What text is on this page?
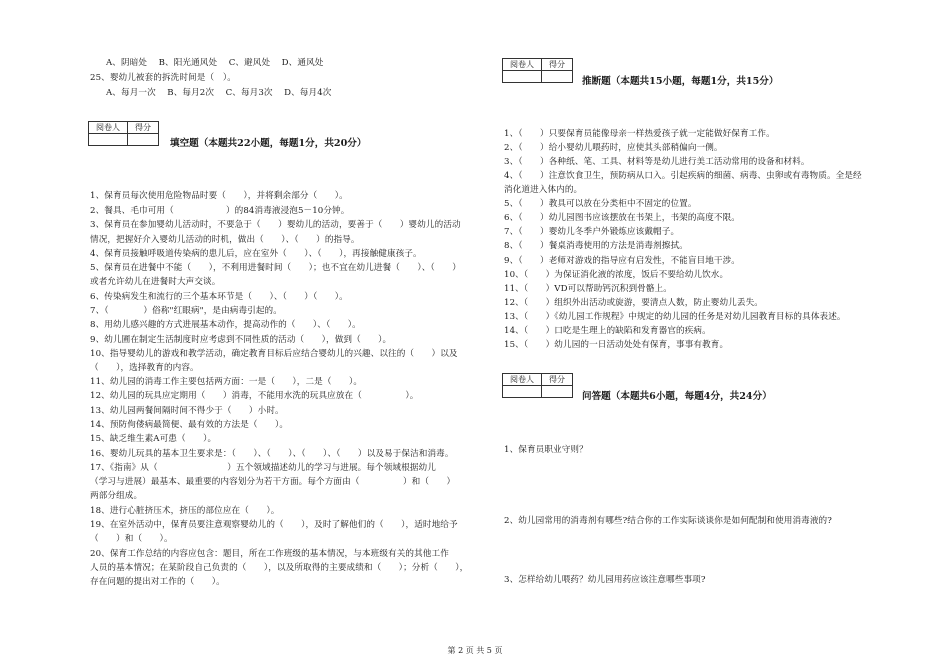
A、阴暗处　 B、阳光通风处　 C、避风处　 D、通风处
25、婴幼儿被套的拆洗时间是（　）。
A、每月一次　 B、每月2次　 C、每月3次　 D、每月4次
阅卷人	得分

填空题（本题共22小题，每题1分，共20分）
1、保育员每次使用危险物品时要（　　），并将剩余部分（　　）。
2、餐具、毛巾可用（　　　　　　）的84消毒液浸泡5－10分钟。
3、保育员在参加婴幼儿活动时，不要急于（　　）婴幼儿的活动，要善于（　　）婴幼儿的活动
情况，把握好介入婴幼儿活动的时机，做出（　　）、（　　）的指导。
4、保育员接触呼吸道传染病的患儿后，应在室外（　　）、（　　），再接触健康孩子。
5、保育员在进餐中不能（　　），不利用进餐时间（　　）；也不宜在幼儿进餐（　　）、（　　）
或者允许幼儿在进餐时大声交谈。
6、传染病发生和流行的三个基本环节是（　　）、（　　）（　　）。
7、（　　　　）俗称"红眼病"，是由病毒引起的。
8、用幼儿感兴趣的方式进展基本动作，提高动作的（　　）、（　　）。
9、幼儿圃在制定生活制度时应考虑到不同性质的活动（　　），做到（　　）。
10、指导婴幼儿的游戏和教学活动，确定教育目标后应结合婴幼儿的兴趣、以往的（　　）以及
（　　），选择教育的内容。
11、幼儿园的消毒工作主要包括两方面：一是（　　），二是（　　）。
12、幼儿园的玩具应定期用（　　）消毒，不能用水洗的玩具应放在（　　　　　）。
13、幼儿园两餐间隔时间不得少于（　　）小时。
14、预防佝偻病最简便、最有效的方法是（　　）。
15、缺乏维生素A可患（　　）。
16、婴幼儿玩具的基本卫生要求是：（　　）、（　　）、（　　）、（　　）以及易于保洁和消毒。
17、《指南》从（　　　　　　　　）五个领域描述幼儿的学习与进展。每个领域根据幼儿
（学习与进展）最基本、最重要的内容划分为若干方面。每个方面由（　　　　　）和（　　）
两部分组成。
18、进行心脏挤压术，挤压的部位应在（　　）。
19、在室外活动中，保育员要注意观察婴幼儿的（　　），及时了解他们的（　　），适时地给予
（　　）和（　　）。
20、保育工作总结的内容应包含：题目，所在工作班级的基本情况，与本班级有关的其他工作
人员的基本情况；在某阶段自己负责的（　　），以及所取得的主要成绩和（　　）；分析（　　），
存在问题的提出对工作的（　　）。
阅卷人	得分

推断题（本题共15小题，每题1分，共15分）
1、（　　）只要保育员能像母亲一样热爱孩子就一定能做好保育工作。
2、（　　）给小婴幼儿喂药时，应使其头部稍偏向一侧。
3、（　　）各种纸、笔、工具、材料等是幼儿进行美工活动常用的设备和材料。
4、（　　）注意饮食卫生，预防病从口入。引起疾病的细菌、病毒、虫卵或有毒物质。全是经
消化道进入体内的。
5、（　　）教具可以放在分类柜中不固定的位置。
6、（　　）幼儿园图书应该摆放在书架上，书架的高度不限。
7、（　　）婴幼儿冬季户外锻炼应该戴帽子。
8、（　　）餐桌消毒使用的方法是消毒剂擦拭。
9、（　　）老师对游戏的指导应有启发性，不能盲目地干涉。
10、（　　）为保证消化液的浓度，饭后不要给幼儿饮水。
11、（　　）VD可以帮助钙沉积到骨骼上。
12、（　　）组织外出活动或旋游，要清点人数，防止婴幼儿丢失。
13、（　　）《幼儿园工作规程》中规定的幼儿园的任务是对幼儿园教育目标的具体表述。
14、（　　）口吃是生理上的缺陷和发育器官的疾病。
15、（　　）幼儿园的一日活动处处有保育，事事有教育。
阅卷人	得分

问答题（本题共6小题，每题4分，共24分）
1、保育员职业守则？
2、幼儿园常用的消毒剂有哪些?结合你的工作实际谈谈你是如何配制和使用消毒液的?
3、怎样给幼儿喂药？幼儿园用药应该注意哪些事项?
第 2 页 共 5 页
